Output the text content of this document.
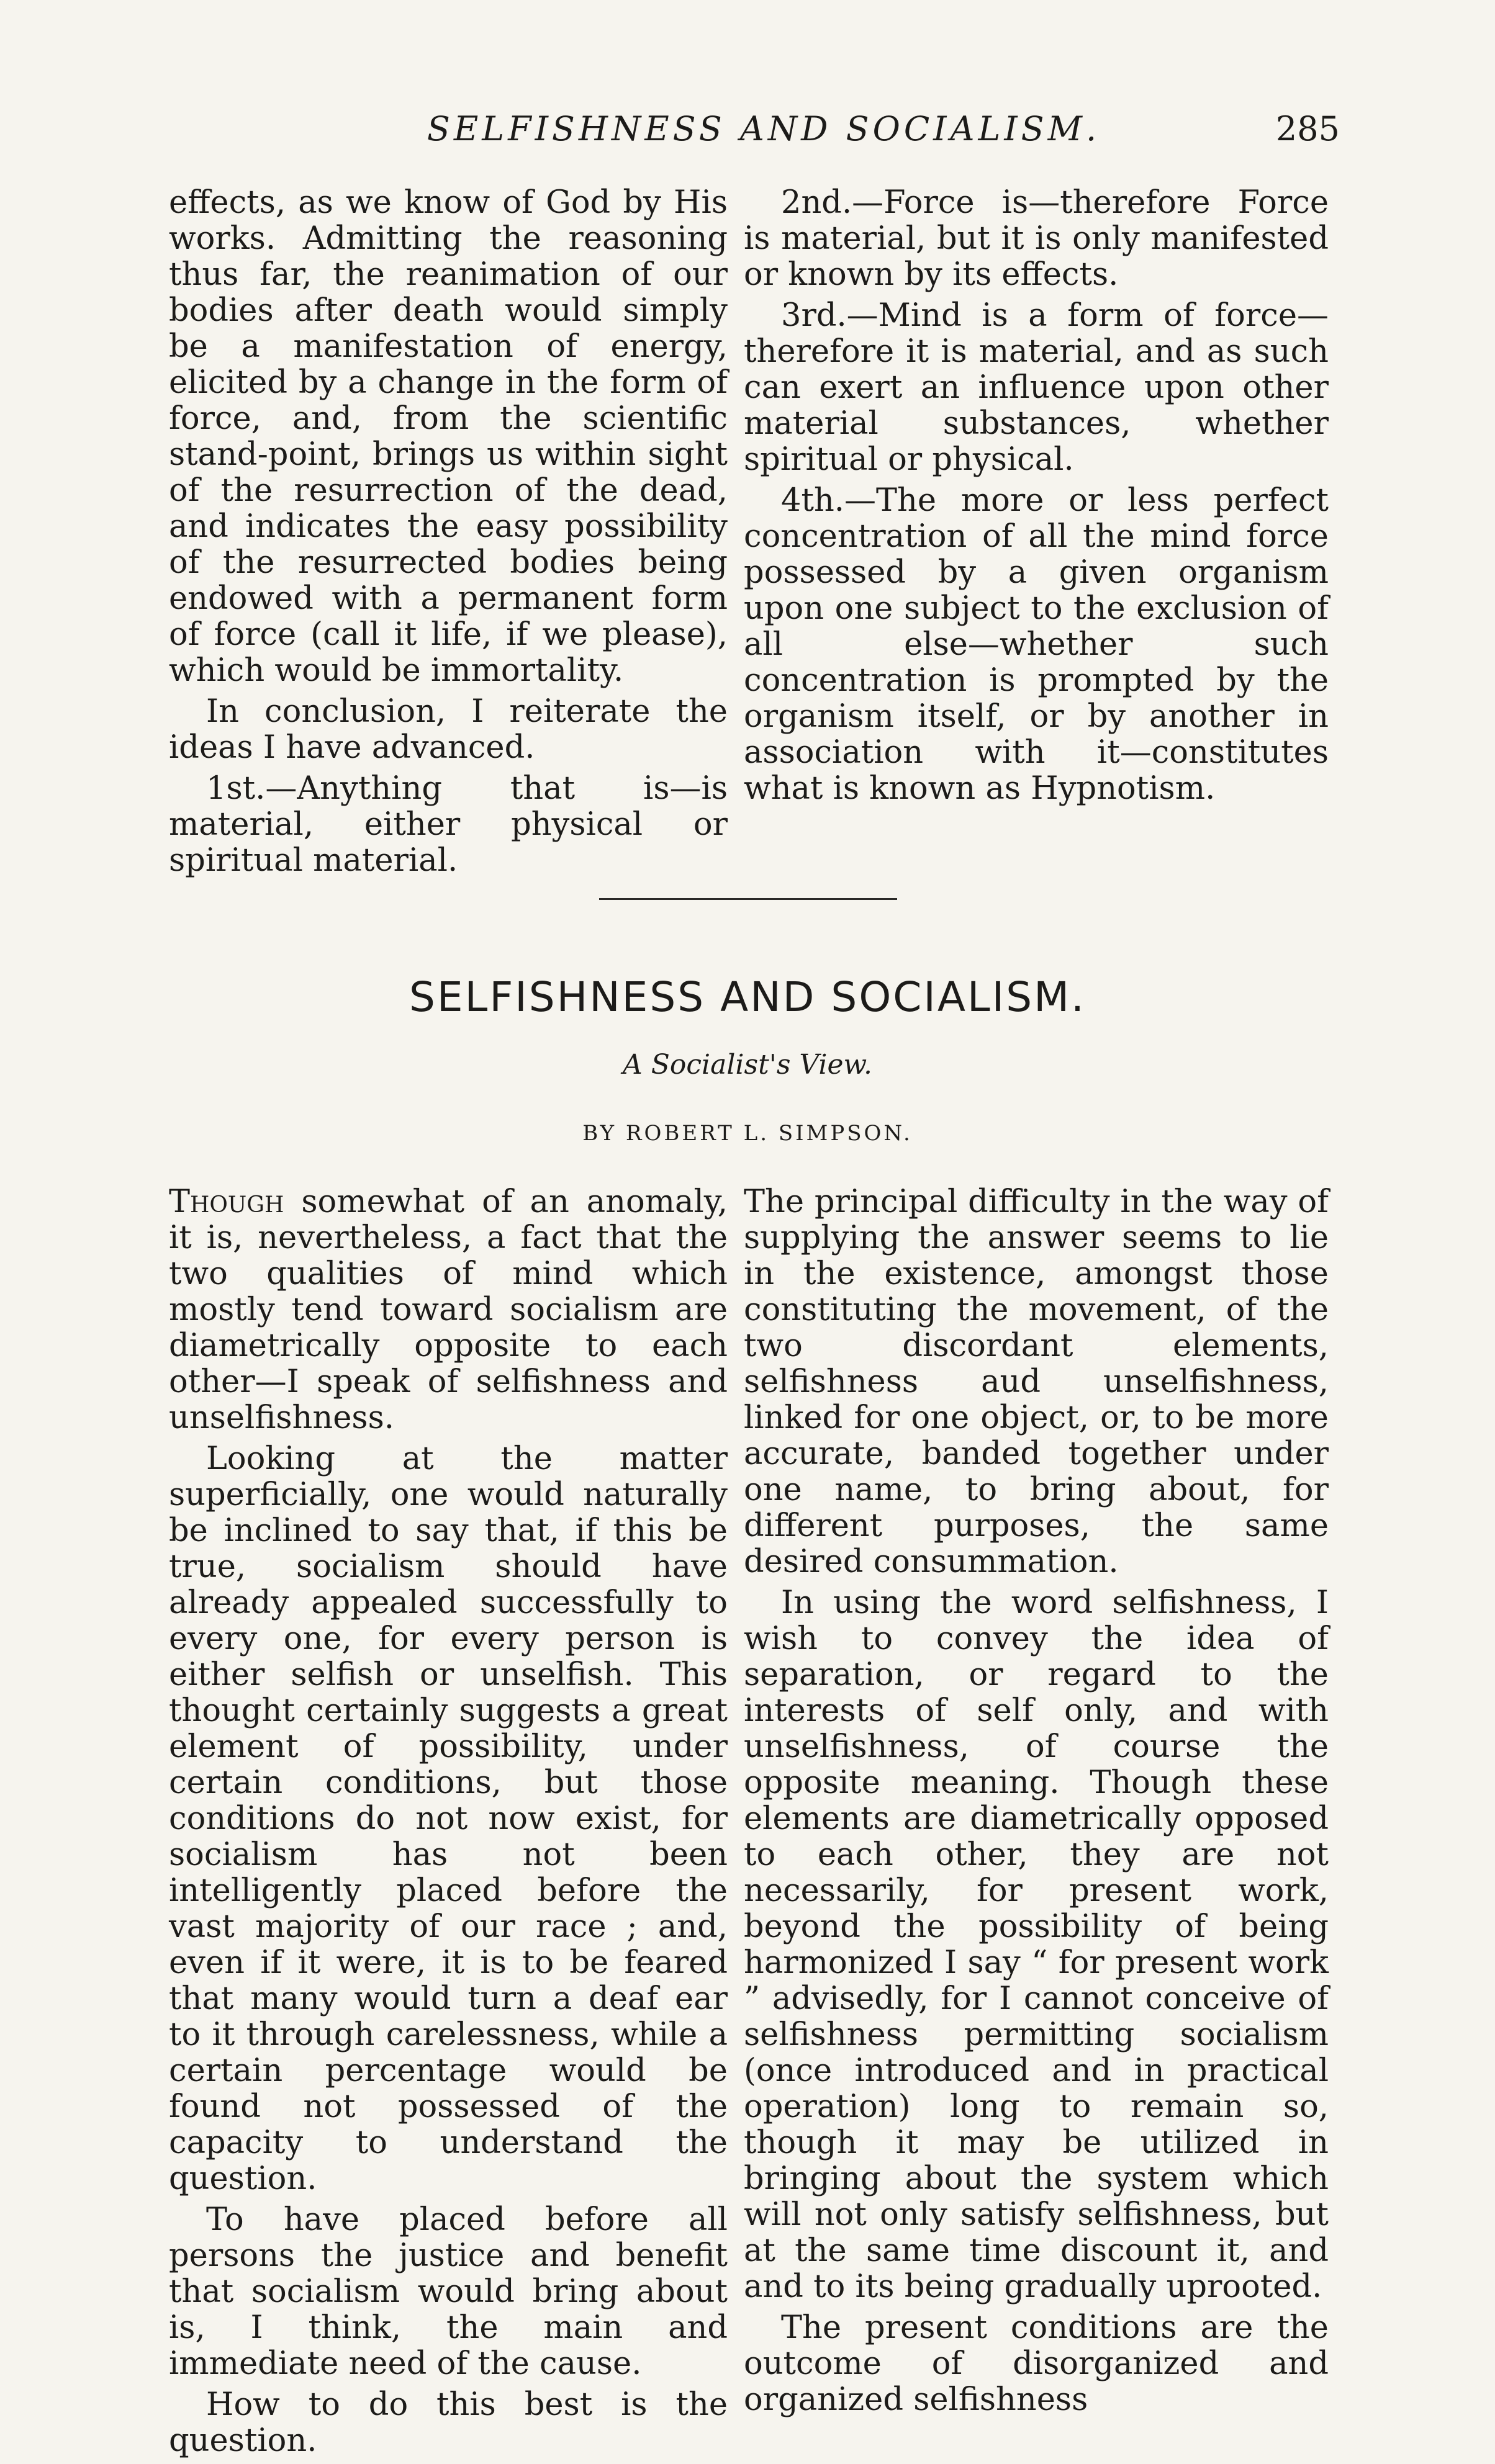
SELFISHNESS AND SOCIALISM.	285

effects, as we know of God by His works. Admitting the reasoning thus far, the reanimation of our bodies after death would simply be a manifestation of energy, elicited by a change in the form of force, and, from the scientific stand-point, brings us within sight of the resurrection of the dead, and indicates the easy possibility of the resurrected bodies being endowed with a permanent form of force (call it life, if we please), which would be immortality.

In conclusion, I reiterate the ideas I have advanced.

1st.—Anything that is—is material, either physical or spiritual material.

2nd.—Force is—therefore Force is material, but it is only manifested or known by its effects.

3rd.—Mind is a form of force—therefore it is material, and as such can exert an influence upon other material substances, whether spiritual or physical.

4th.—The more or less perfect concentration of all the mind force possessed by a given organism upon one subject to the exclusion of all else—whether such concentration is prompted by the organism itself, or by another in association with it—constitutes what is known as Hypnotism.

SELFISHNESS AND SOCIALISM.
A Socialist's View.
BY ROBERT L. SIMPSON.

Though somewhat of an anomaly, it is, nevertheless, a fact that the two qualities of mind which mostly tend toward socialism are diametrically opposite to each other—I speak of selfishness and unselfishness.

Looking at the matter superficially, one would naturally be inclined to say that, if this be true, socialism should have already appealed successfully to every one, for every person is either selfish or unselfish. This thought certainly suggests a great element of possibility, under certain conditions, but those conditions do not now exist, for socialism has not been intelligently placed before the vast majority of our race ; and, even if it were, it is to be feared that many would turn a deaf ear to it through carelessness, while a certain percentage would be found not possessed of the capacity to understand the question.

To have placed before all persons the justice and benefit that socialism would bring about is, I think, the main and immediate need of the cause.

How to do this best is the question.

The principal difficulty in the way of supplying the answer seems to lie in the existence, amongst those constituting the movement, of the two discordant elements, selfishness aud unselfishness, linked for one object, or, to be more accurate, banded together under one name, to bring about, for different purposes, the same desired consummation.

In using the word selfishness, I wish to convey the idea of separation, or regard to the interests of self only, and with unselfishness, of course the opposite meaning. Though these elements are diametrically opposed to each other, they are not necessarily, for present work, beyond the possibility of being harmonized I say “ for present work ” advisedly, for I cannot conceive of selfishness permitting socialism (once introduced and in practical operation) long to remain so, though it may be utilized in bringing about the system which will not only satisfy selfishness, but at the same time discount it, and and to its being gradually uprooted.

The present conditions are the outcome of disorganized and organized selfishness
